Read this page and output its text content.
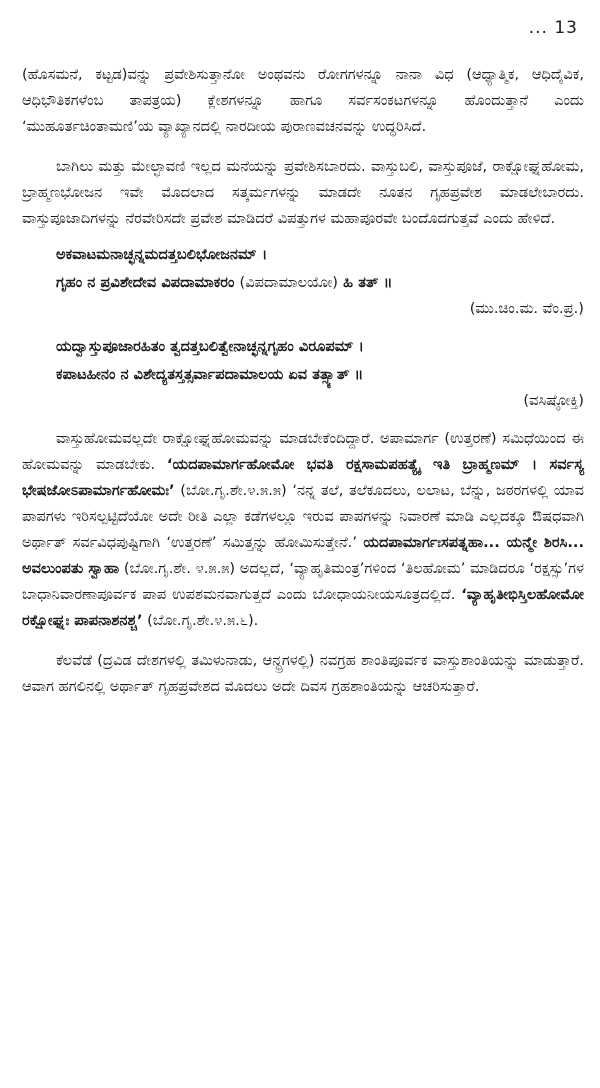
... 13

(ಹೊಸಮನೆ, ಕಟ್ಟಡ)ವನ್ನು ಪ್ರವೇಶಿಸುತ್ತಾನೋ ಅಂಥವನು ರೋಗಗಳನ್ನೂ ನಾನಾ ವಿಧ (ಆಧ್ಯಾತ್ಮಿಕ, ಆಧಿದೈವಿಕ, ಆಧಿಭೌತಿಕಗಳೆಂಬ ತಾಪತ್ರಯ) ಕ್ಲೇಶಗಳನ್ನೂ ಹಾಗೂ ಸರ್ವಸಂಕಟಗಳನ್ನೂ ಹೊಂದುತ್ತಾನೆ ಎಂದು ‘ಮುಹೂರ್ತಚಿಂತಾಮಣಿ’ಯ ವ್ಯಾಖ್ಯಾನದಲ್ಲಿ ನಾರದೀಯ ಪುರಾಣವಚನವನ್ನು ಉದ್ಧರಿಸಿದೆ.

ಬಾಗಿಲು ಮತ್ತು ಮೇಲ್ಛಾವಣಿ ಇಲ್ಲದ ಮನೆಯನ್ನು ಪ್ರವೇಶಿಸಬಾರದು. ವಾಸ್ತುಬಲಿ, ವಾಸ್ತುಪೂಜೆ, ರಾಕ್ಷೋಘ್ನಹೋಮ, ಬ್ರಾಹ್ಮಣಭೋಜನ ಇವೇ ಮೊದಲಾದ ಸತ್ಕರ್ಮಗಳನ್ನು ಮಾಡದೇ ನೂತನ ಗೃಹಪ್ರವೇಶ ಮಾಡಲೇಬಾರದು. ವಾಸ್ತುಪೂಜಾದಿಗಳನ್ನು ನೆರವೇರಿಸದೇ ಪ್ರವೇಶ ಮಾಡಿದರೆ ವಿಪತ್ತುಗಳ ಮಹಾಪೂರವೇ ಬಂದೊದಗುತ್ತವೆ ಎಂದು ಹೇಳಿದೆ.

ಅಕವಾಟಮನಾಚ್ಛನ್ನಮದತ್ತಬಲಿಭೋಜನಮ್ ।

ಗೃಹಂ ನ ಪ್ರವಿಶೇದೇವ ವಿಪದಾಮಾಕರಂ (ವಿಪದಾಮಾಲಯೋ) ಹಿ ತತ್ ॥

(ಮು.ಚಿಂ.ಮ. ವೆಂ.ಪ್ರ.)

ಯದ್ವಾಸ್ತುಪೂಜಾರಹಿತಂ ತ್ವದತ್ತಬಲಿತ್ವೇನಾಚ್ಛನ್ನಗೃಹಂ ವಿರೂಪಮ್ ।

ಕಪಾಟಹೀನಂ ನ ವಿಶೇದ್ಯತಸ್ತತ್ಸರ್ವಾಪದಾಮಾಲಯ ಏವ ತತ್ಸ್ಯಾತ್ ॥

(ವಸಿಷ್ಠೋಕ್ತಿ)

ವಾಸ್ತುಹೋಮವಲ್ಲದೇ ರಾಕ್ಷೋಘ್ನಹೋಮವನ್ನು ಮಾಡಬೇಕೆಂದಿದ್ದಾರೆ. ಅಪಾಮಾರ್ಗ (ಉತ್ತರಣೆ) ಸಮಿಧೆಯಿಂದ ಈ ಹೋಮವನ್ನು ಮಾಡಬೇಕು. ‘ಯದಪಾಮಾರ್ಗಹೋಮೋ ಭವತಿ ರಕ್ಷಸಾಮಪಹತ್ಯೈ ಇತಿ ಬ್ರಾಹ್ಮಣಮ್ । ಸರ್ವಸ್ಯ ಭೇಷಜೋಽಪಾಮಾರ್ಗಹೋಮಃ’ (ಬೋ.ಗೃ.ಶೇ.೪.೫.೫) ‘ನನ್ನ ತಲೆ, ತಲೆಕೂದಲು, ಲಲಾಟ, ಬೆನ್ನು, ಜಠರಗಳಲ್ಲಿ ಯಾವ ಪಾಪಗಳು ಇರಿಸಲ್ಪಟ್ಟಿದೆಯೋ ಅದೇ ರೀತಿ ಎಲ್ಲಾ ಕಡೆಗಳಲ್ಲೂ ಇರುವ ಪಾಪಗಳನ್ನು ನಿವಾರಣೆ ಮಾಡಿ ಎಲ್ಲದಕ್ಕೂ ಔಷಧವಾಗಿ ಅರ್ಥಾತ್ ಸರ್ವವಿಧಪುಷ್ಟಿಗಾಗಿ ‘ಉತ್ತರಣೆ’ ಸಮಿತ್ತನ್ನು ಹೋಮಿಸುತ್ತೇನೆ.’ ಯದಪಾಮಾರ್ಗಃಸಪತ್ನಹಾ... ಯನ್ಮೇ ಶಿರಸಿ... ಅವಲುಂಪತು ಸ್ವಾಹಾ (ಬೋ.ಗೃ.ಶೇ. ೪.೫.೫) ಅದಲ್ಲದೆ, ‘ವ್ಯಾಹೃತಿಮಂತ್ರ’ಗಳಿಂದ ‘ತಿಲಹೋಮ’ ಮಾಡಿದರೂ ‘ರಕ್ಷಸ್ಸು’ಗಳ ಬಾಧಾನಿವಾರಣಾಪೂರ್ವಕ ಪಾಪ ಉಪಶಮನವಾಗುತ್ತದೆ ಎಂದು ಬೋಧಾಯನೀಯಸೂತ್ರದಲ್ಲಿದೆ. ‘ವ್ಯಾಹೃತೀಭಿಸ್ತಿಲಹೋಮೋ ರಕ್ಷೋಘ್ನಃ ಪಾಪನಾಶನಶ್ಚ’ (ಬೋ.ಗೃ.ಶೇ.೪.೫.೬).

ಕೆಲವೆಡೆ (ದ್ರವಿಡ ದೇಶಗಳಲ್ಲಿ ತಮಿಳುನಾಡು, ಆನ್ಧ್ರಗಳಲ್ಲಿ) ನವಗ್ರಹ ಶಾಂತಿಪೂರ್ವಕ ವಾಸ್ತುಶಾಂತಿಯನ್ನು ಮಾಡುತ್ತಾರೆ. ಆವಾಗ ಹಗಲಿನಲ್ಲಿ ಅರ್ಥಾತ್ ಗೃಹಪ್ರವೇಶದ ಮೊದಲು ಅದೇ ದಿವಸ ಗ್ರಹಶಾಂತಿಯನ್ನು ಆಚರಿಸುತ್ತಾರೆ.
